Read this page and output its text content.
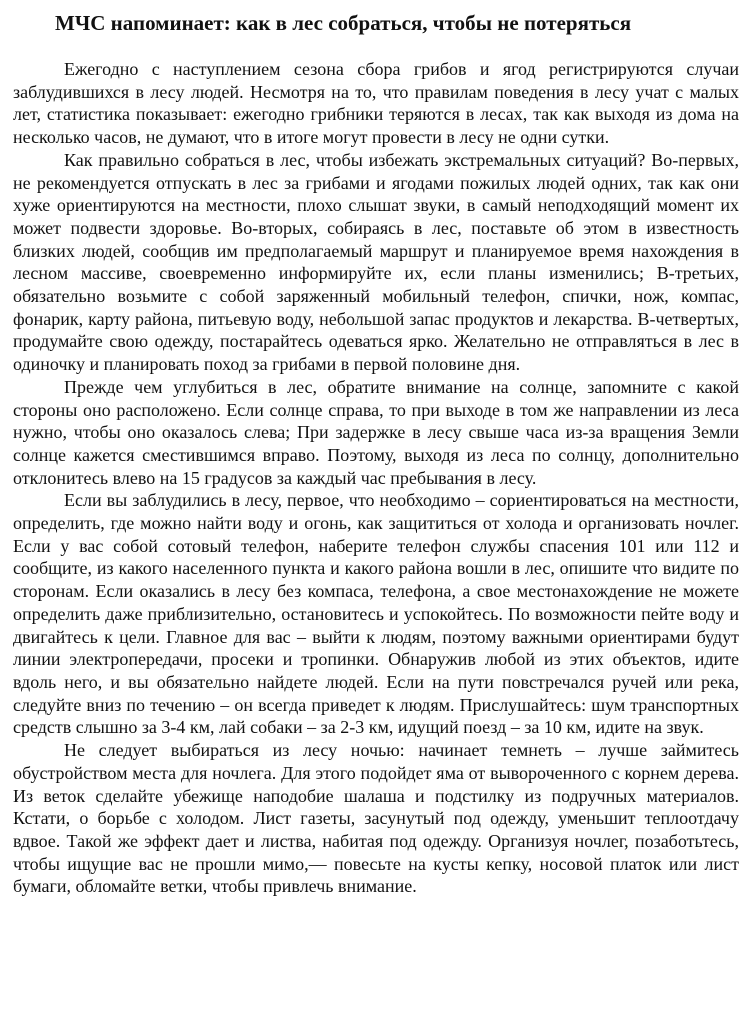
МЧС напоминает: как в лес собраться, чтобы не потеряться

Ежегодно с наступлением сезона сбора грибов и ягод регистрируются случаи заблудившихся в лесу людей. Несмотря на то, что правилам поведения в лесу учат с малых лет, статистика показывает: ежегодно грибники теряются в лесах, так как выходя из дома на несколько часов, не думают, что в итоге могут провести в лесу не одни сутки.

Как правильно собраться в лес, чтобы избежать экстремальных ситуаций? Во-первых, не рекомендуется отпускать в лес за грибами и ягодами пожилых людей одних, так как они хуже ориентируются на местности, плохо слышат звуки, в самый неподходящий момент их может подвести здоровье. Во-вторых, собираясь в лес, поставьте об этом в известность близких людей, сообщив им предполагаемый маршрут и планируемое время нахождения в лесном массиве, своевременно информируйте их, если планы изменились; В-третьих, обязательно возьмите с собой заряженный мобильный телефон, спички, нож, компас, фонарик, карту района, питьевую воду, небольшой запас продуктов и лекарства. В-четвертых, продумайте свою одежду, постарайтесь одеваться ярко. Желательно не отправляться в лес в одиночку и планировать поход за грибами в первой половине дня.

Прежде чем углубиться в лес, обратите внимание на солнце, запомните с какой стороны оно расположено. Если солнце справа, то при выходе в том же направлении из леса нужно, чтобы оно оказалось слева; При задержке в лесу свыше часа из-за вращения Земли солнце кажется сместившимся вправо. Поэтому, выходя из леса по солнцу, дополнительно отклонитесь влево на 15 градусов за каждый час пребывания в лесу.

Если вы заблудились в лесу, первое, что необходимо – сориентироваться на местности, определить, где можно найти воду и огонь, как защититься от холода и организовать ночлег. Если у вас собой сотовый телефон, наберите телефон службы спасения 101 или 112 и сообщите, из какого населенного пункта и какого района вошли в лес, опишите что видите по сторонам. Если оказались в лесу без компаса, телефона, а свое местонахождение не можете определить даже приблизительно, остановитесь и успокойтесь. По возможности пейте воду и двигайтесь к цели. Главное для вас – выйти к людям, поэтому важными ориентирами будут линии электропередачи, просеки и тропинки. Обнаружив любой из этих объектов, идите вдоль него, и вы обязательно найдете людей. Если на пути повстречался ручей или река, следуйте вниз по течению – он всегда приведет к людям. Прислушайтесь: шум транспортных средств слышно за 3-4 км, лай собаки – за 2-3 км, идущий поезд – за 10 км, идите на звук.

Не следует выбираться из лесу ночью: начинает темнеть – лучше займитесь обустройством места для ночлега. Для этого подойдет яма от вывороченного с корнем дерева. Из веток сделайте убежище наподобие шалаша и подстилку из подручных материалов. Кстати, о борьбе с холодом. Лист газеты, засунутый под одежду, уменьшит теплоотдачу вдвое. Такой же эффект дает и листва, набитая под одежду. Организуя ночлег, позаботьтесь, чтобы ищущие вас не прошли мимо,— повесьте на кусты кепку, носовой платок или лист бумаги, обломайте ветки, чтобы привлечь внимание.
